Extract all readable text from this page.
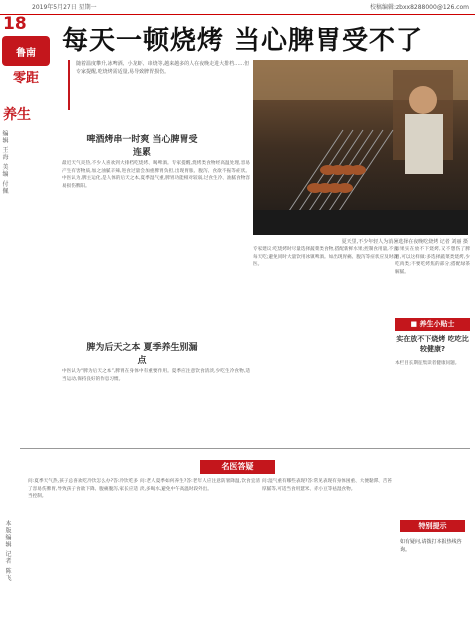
2019年5月27日 星期一	校稿编辑:zbxx8288000@126.com
18
鲁南
零距
养生
编辑 王海 美编 付佩
每天一顿烧烤 当心脾胃受不了
随着温度攀升,冰啤酒、小龙虾、串烧等,越来越多的人在夜晚走进大排档……但专家提醒,吃烧烤需适量,易导致脾胃损伤。
啤酒烤串一时爽 当心脾胃受连累
最近天气炎热,不少人喜欢到大排档吃烧烤、喝啤酒。专家提醒,烧烤类食物经高温处理,容易产生有害物质,加之油腻辛辣,进食过量会加重脾胃负担,出现胃胀、腹泻、食欲不振等症状。中医认为,脾主运化,是人体的后天之本,夏季湿气重,脾胃功能相对较弱,过食生冷、油腻食物容易损伤脾阳。
脾为后天之本 夏季养生别漏点
中医认为“脾为后天之本”,脾胃在身体中有重要作用。夏季应注意饮食清淡,少吃生冷食物,适当运动,保持良好的作息习惯。
夏天里,不少年轻人为消暑选择在夜晚吃烧烤 记者 刘丽 摄
专家建议:吃烧烤时尽量选择蔬菜类食物,搭配新鲜水果;控制食用量,不宜每天吃;避免同时大量饮用冰镇啤酒。如出现胃痛、腹泻等症状应及时就医。
如果实在放不下烧烤,又不想伤了脾胃,可以这样做:多选择蔬菜类烧烤,少吃肉类;不要吃烤焦的部分;搭配绿茶解腻。
■ 养生小贴士
实在放不下烧烤 吃吃比较健康?
本栏目长期征集读者健康问题。
名医答疑
问:夏季天气热,孩子总喜欢吃冷饮怎么办?答:冷饮吃多了容易伤脾胃,导致孩子食欲下降、腹痛腹泻,家长应适当控制。
问:老人夏季如何养生?答:老年人应注意防暑降温,饮食宜清淡,多喝水,避免中午高温时段外出。
问:湿气重有哪些表现?答:常见表现有身体困重、大便黏滞、舌苔厚腻等,可适当食用薏米、赤小豆等祛湿食物。
特别提示
如有疑问,请拨打本报热线咨询。
本版编辑 记者 陈飞
